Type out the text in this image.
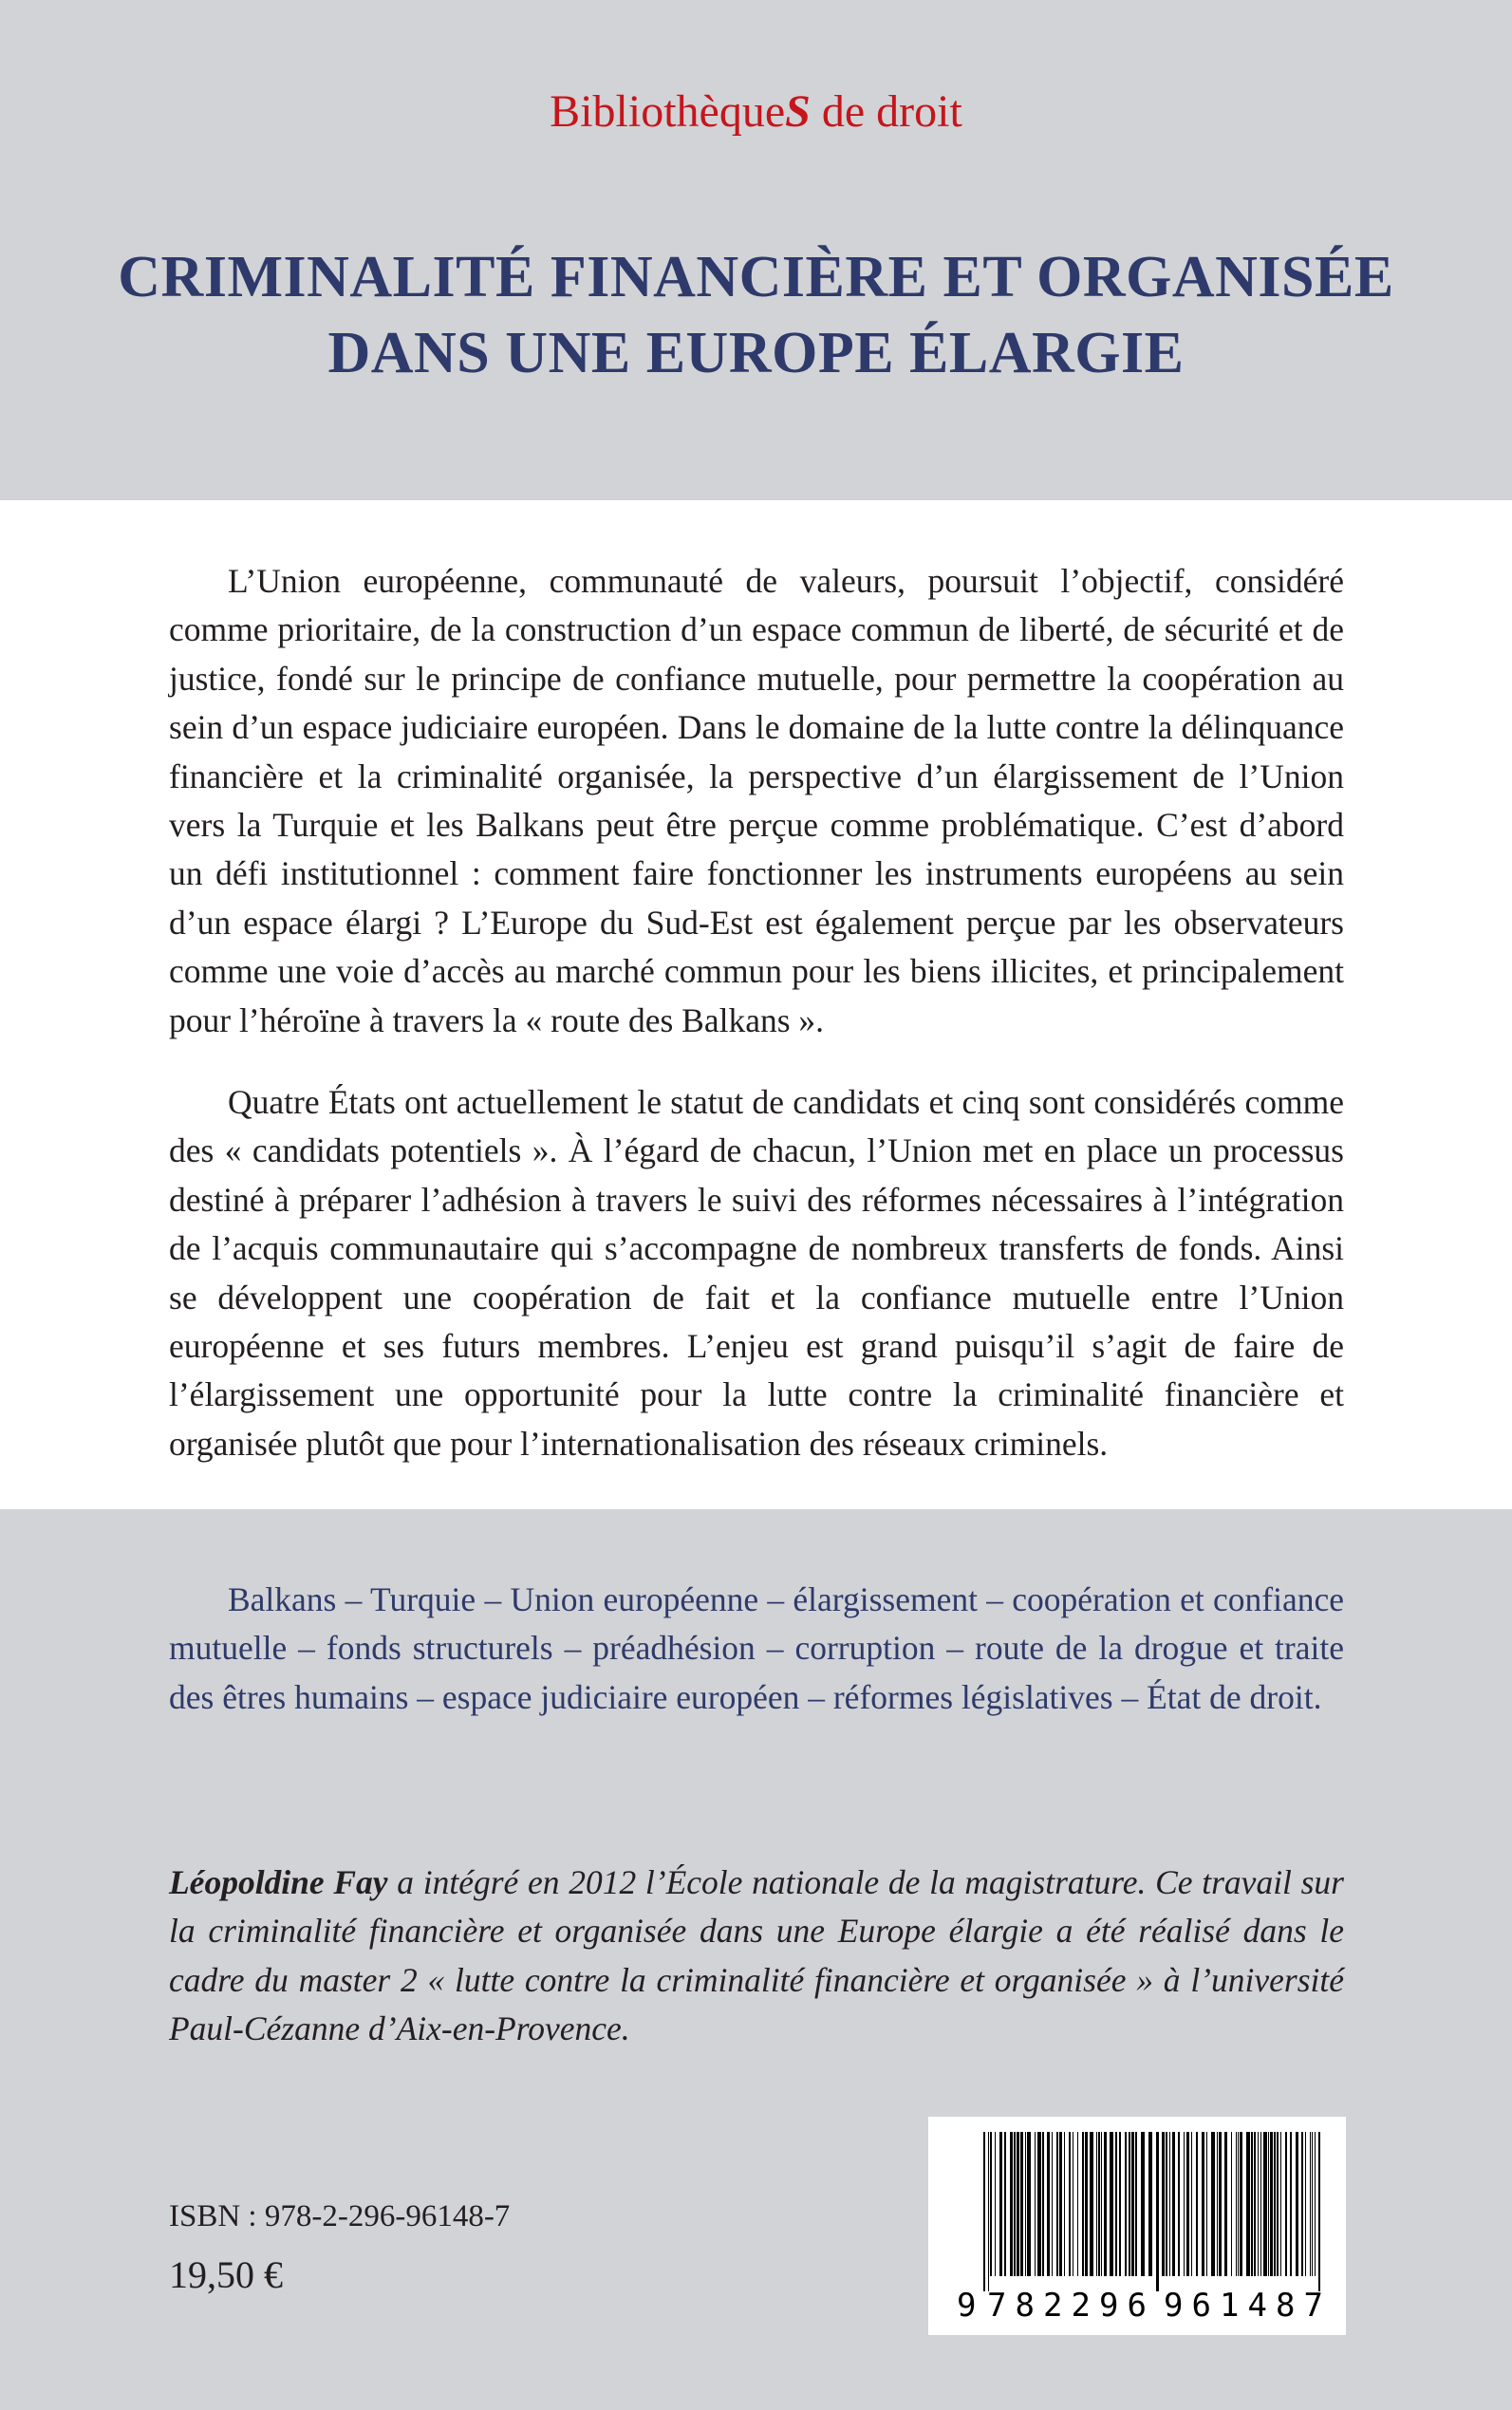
BibliothèqueS de droit
CRIMINALITÉ FINANCIÈRE ET ORGANISÉE
DANS UNE EUROPE ÉLARGIE

L’Union européenne, communauté de valeurs, poursuit l’objectif, considéré comme prioritaire, de la construction d’un espace commun de liberté, de sécurité et de justice, fondé sur le principe de confiance mutuelle, pour permettre la coopération au sein d’un espace judiciaire européen. Dans le domaine de la lutte contre la délinquance financière et la criminalité organisée, la perspective d’un élargissement de l’Union vers la Turquie et les Balkans peut être perçue comme problématique. C’est d’abord un défi institutionnel : comment faire fonctionner les instruments européens au sein d’un espace élargi ? L’Europe du Sud-Est est également perçue par les observateurs comme une voie d’accès au marché commun pour les biens illicites, et principalement pour l’héroïne à travers la « route des Balkans ».

Quatre États ont actuellement le statut de candidats et cinq sont considérés comme des « candidats potentiels ». À l’égard de chacun, l’Union met en place un processus destiné à préparer l’adhésion à travers le suivi des réformes nécessaires à l’intégration de l’acquis communautaire qui s’accompagne de nombreux transferts de fonds. Ainsi se développent une coopération de fait et la confiance mutuelle entre l’Union européenne et ses futurs membres. L’enjeu est grand puisqu’il s’agit de faire de l’élargissement une opportunité pour la lutte contre la criminalité financière et organisée plutôt que pour l’internationalisation des réseaux criminels.

Balkans – Turquie – Union européenne – élargissement – coopération et confiance mutuelle – fonds structurels – préadhésion – corruption – route de la drogue et traite des êtres humains – espace judiciaire européen – réformes législatives – État de droit.

Léopoldine Fay a intégré en 2012 l’École nationale de la magistrature. Ce travail sur la criminalité financière et organisée dans une Europe élargie a été réalisé dans le cadre du master 2 « lutte contre la criminalité financière et organisée » à l’université Paul-Cézanne d’Aix-en-Provence.

ISBN : 978-2-296-96148-7
19,50 €
9 782296 961487
